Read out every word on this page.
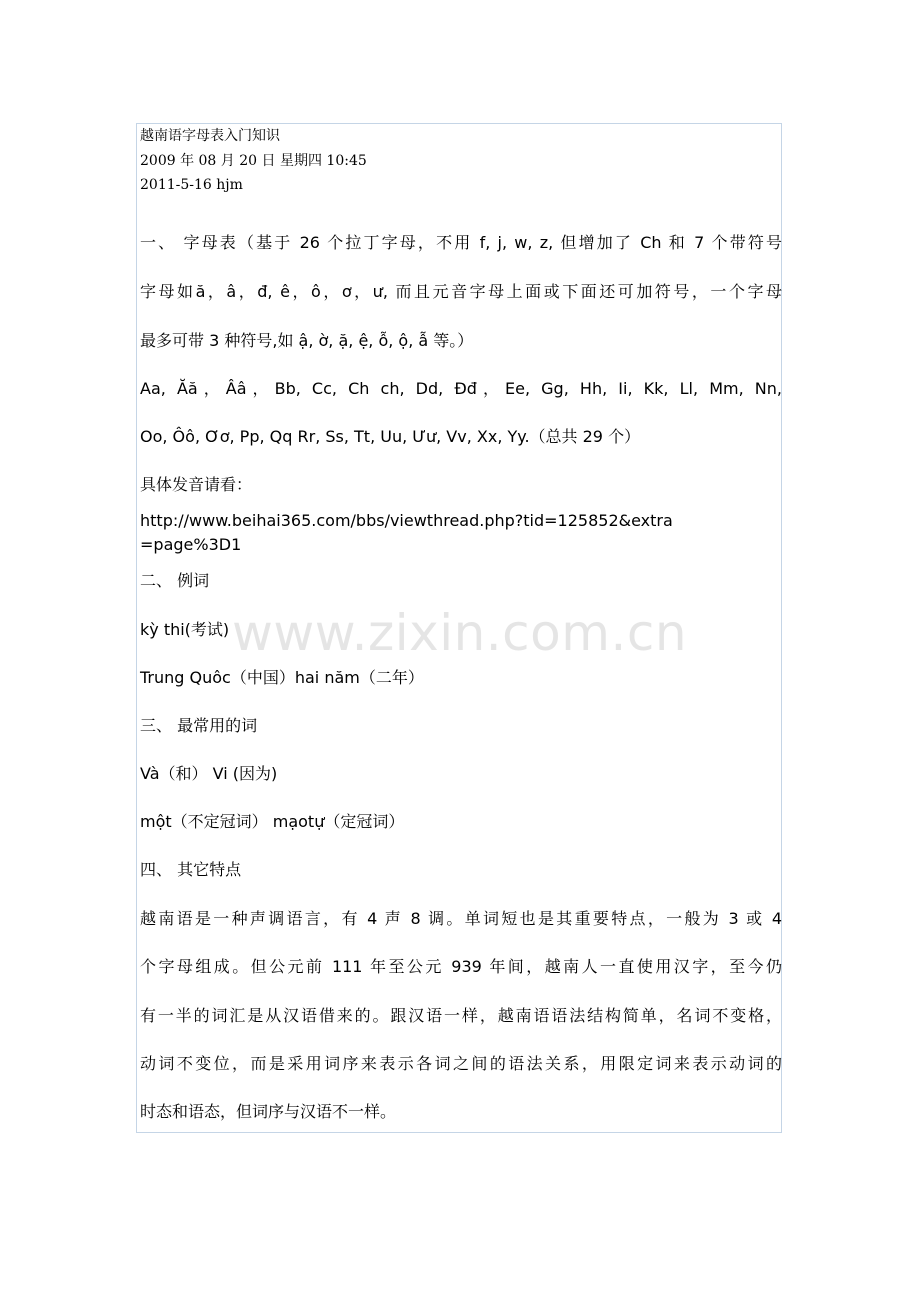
越南语字母表入门知识
2009 年 08 月 20 日 星期四 10:45
2011-5-16 hjm
一、 字母表（基于 26 个拉丁字母，不用 f, j, w, z, 但增加了 Ch 和 7 个带符号
字母如ă，â，đ, ê，ô，ơ，ư, 而且元音字母上面或下面还可加符号，一个字母
最多可带 3 种符号,如 ậ, ờ, ặ, ệ, ỗ, ộ, ẫ 等。）
Aa, Ăă，Ââ，Bb, Cc, Ch ch, Dd, Đđ，Ee, Gg, Hh, Ii, Kk, Ll, Mm, Nn,
Oo, Ôô, Ơơ, Pp, Qq Rr, Ss, Tt, Uu, Ưư, Vv, Xx, Yy.（总共 29 个）
具体发音请看：
http://www.beihai365.com/bbs/viewthread.php?tid=125852&extra
=page%3D1
二、 例词
kỳ thi(考试)
Trung Quôc（中国）hai năm（二年）
三、 最常用的词
Và（和） Vi (因为)
một（不定冠词） mạotự（定冠词）
四、 其它特点
越南语是一种声调语言，有 4 声 8 调。单词短也是其重要特点，一般为 3 或 4
个字母组成。但公元前 111 年至公元 939 年间，越南人一直使用汉字，至今仍
有一半的词汇是从汉语借来的。跟汉语一样，越南语语法结构简单，名词不变格，
动词不变位，而是采用词序来表示各词之间的语法关系，用限定词来表示动词的
时态和语态，但词序与汉语不一样。
www.zixin.com.cn
